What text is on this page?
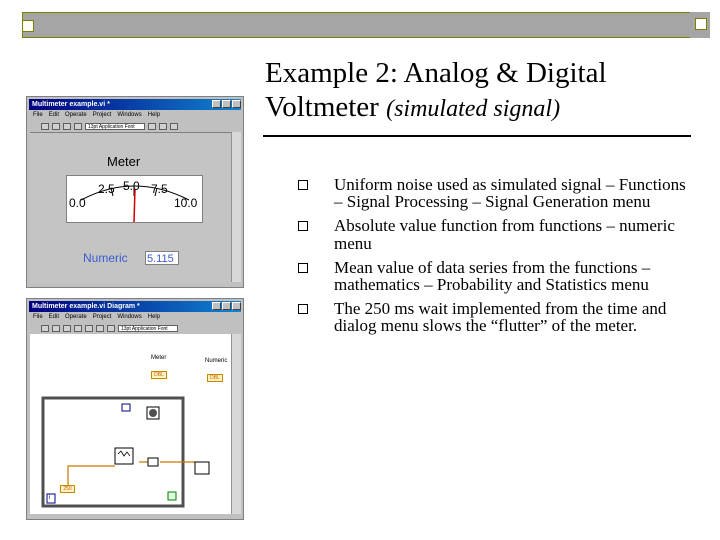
Example 2: Analog & Digital Voltmeter (simulated signal)
Uniform noise used as simulated signal – Functions – Signal Processing – Signal Generation menu
Absolute value function from functions – numeric menu
Mean value of data series from the functions – mathematics – Probability and Statistics menu
The 250 ms wait implemented from the time and dialog menu slows the “flutter” of the meter.
Multimeter example.vi *
File Edit Operate Project Windows Help
13pt Application Font
Meter
0.0
2.5 5.0 7.5
10.0
Numeric 5.115
Multimeter example.vi Diagram *
File Edit Operate Project Windows Help
13pt Application Font
Meter	Numeric
DBL	DBL
250
i
